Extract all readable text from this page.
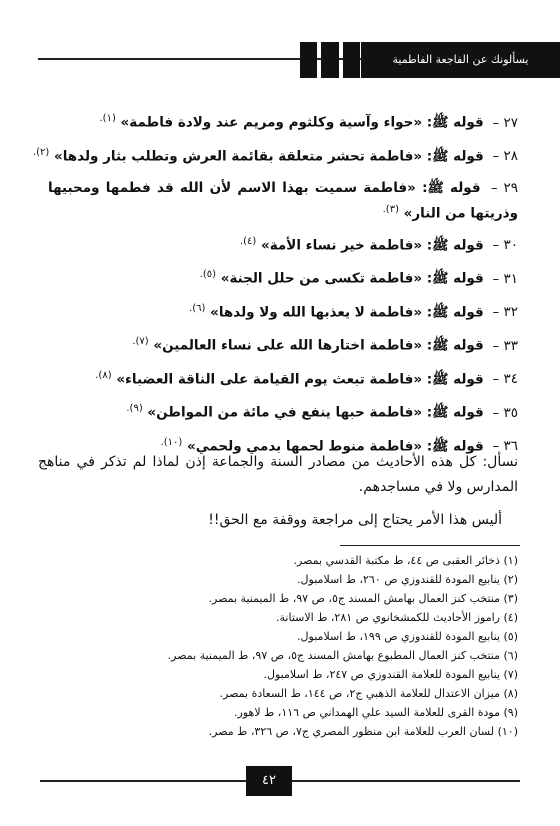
يسألونك عن الفاجعة الفاطمية

٢٧ – قوله ﷺ: «حواء وآسية وكلثوم ومريم عند ولادة فاطمة» $^{(١).}$

٢٨ – قوله ﷺ: «فاطمة تحشر متعلقة بقائمة العرش وتطلب بثار ولدها» $^{(٢).}$

٢٩ – قوله ﷺ: «فاطمة سميت بهذا الاسم لأن الله قد فطمها ومحبيها وذريتها من النار» $^{(٣).}$

٣٠ – قوله ﷺ: «فاطمة خير نساء الأمة» $^{(٤).}$

٣١ – قوله ﷺ: «فاطمة تكسى من حلل الجنة» $^{(٥).}$

٣٢ – قوله ﷺ: «فاطمة لا يعذبها الله ولا ولدها» $^{(٦).}$

٣٣ – قوله ﷺ: «فاطمة اختارها الله على نساء العالمين» $^{(٧).}$

٣٤ – قوله ﷺ: «فاطمة تبعث يوم القيامة على الناقة العضباء» $^{(٨).}$

٣٥ – قوله ﷺ: «فاطمة حبها ينفع في مائة من المواطن» $^{(٩).}$

٣٦ – قوله ﷺ: «فاطمة منوط لحمها بدمي ولحمي» $^{(١٠).}$

نسأل: كل هذه الأحاديث من مصادر السنة والجماعة إذن لماذا لم تذكر في مناهج المدارس ولا في مساجدهم.

أليس هذا الأمر يحتاج إلى مراجعة ووقفة مع الحق!!

(١) ذخائر العقبى ص ٤٤، ط مكتبة القدسي بمصر.
(٢) ينابيع المودة للقندوزي ص ٢٦٠، ط اسلامبول.
(٣) منتخب كنز العمال بهامش المسند ج٥، ص ٩٧، ط الميمنية بمصر.
(٤) راموز الأحاديث للكمشخانوي ص ٢٨١، ط الاستانة.
(٥) ينابيع المودة للقندوزي ص ١٩٩، ط اسلامبول.
(٦) منتخب كنز العمال المطبوع بهامش المسند ج٥، ص ٩٧، ط الميمنية بمصر.
(٧) ينابيع المودة للعلامة القندوزي ص ٢٤٧، ط اسلامبول.
(٨) ميزان الاعتدال للعلامة الذهبي ج٢، ص ١٤٤، ط السعادة بمصر.
(٩) مودة القرى للعلامة السيد علي الهمداني ص ١١٦، ط لاهور.
(١٠) لسان العرب للعلامة ابن منظور المصري ج٧، ص ٣٢٦، ط مصر.
٤٢
